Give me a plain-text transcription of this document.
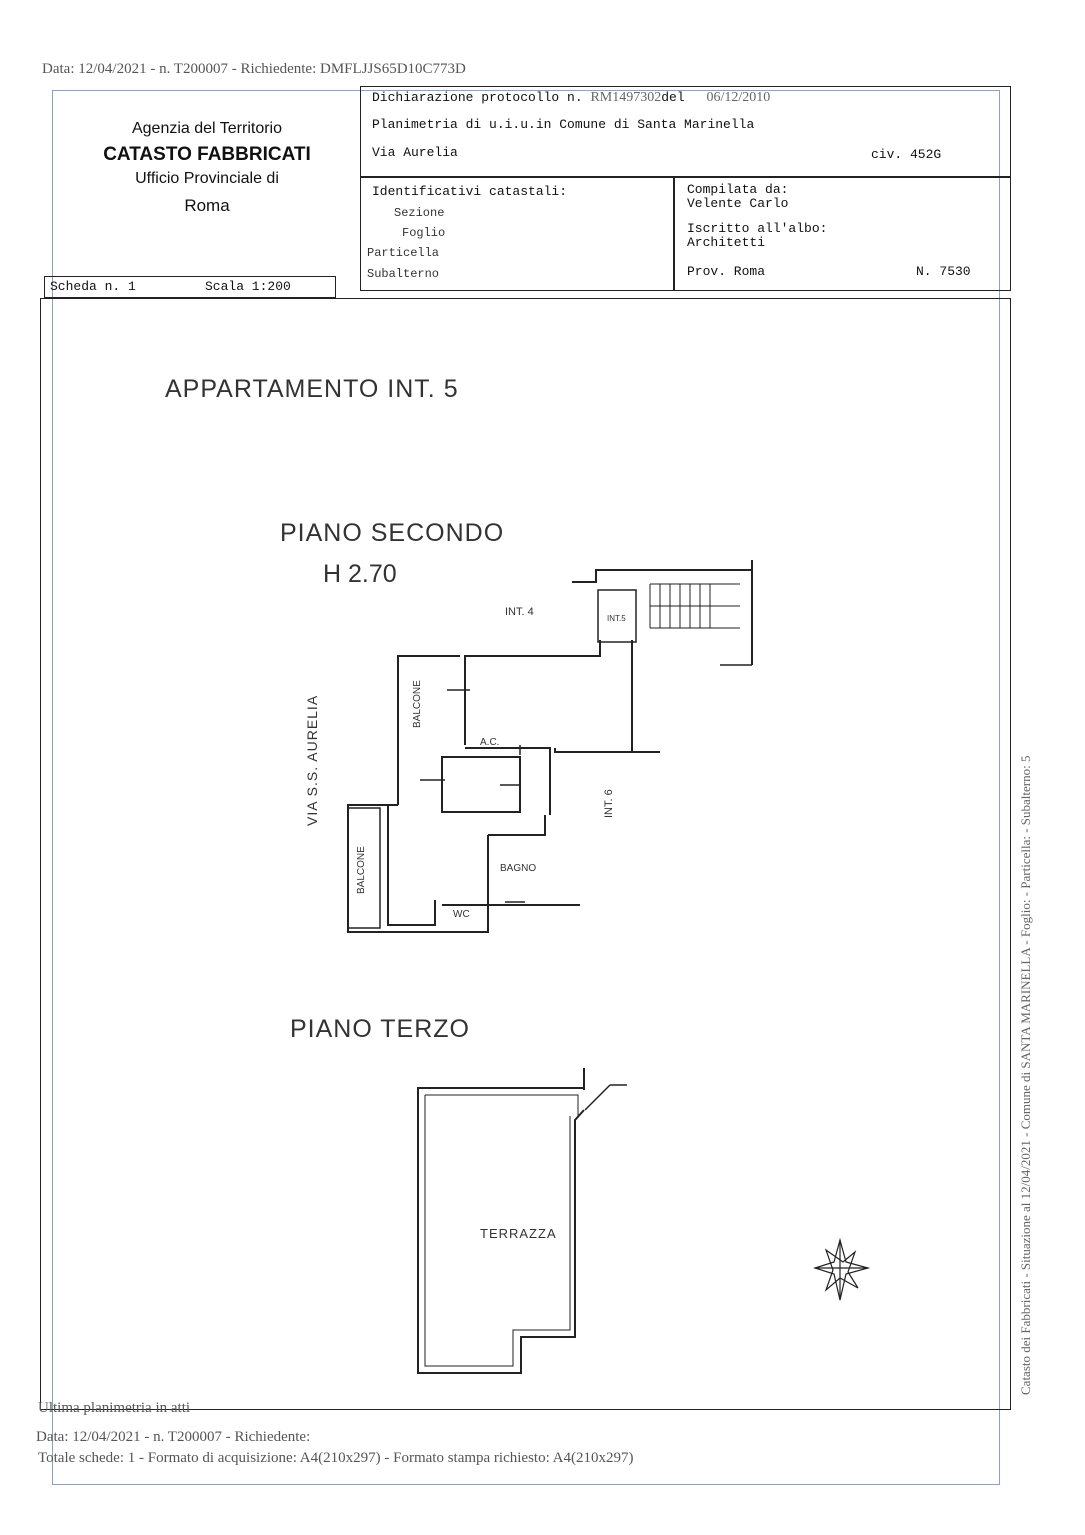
Data: 12/04/2021 - n. T200007 - Richiedente: DMFLJJS65D10C773D
Agenzia del Territorio
CATASTO FABBRICATI
Ufficio Provinciale di
Roma
Dichiarazione protocollo n. RM1497302del 06/12/2010
Planimetria di u.i.u.in Comune di Santa Marinella
Via Aurelia	civ. 452G
Identificativi catastali:
Sezione
Foglio
Particella
Subalterno
Compilata da:
Velente Carlo
Iscritto all'albo:
Architetti
Prov. Roma	N. 7530
Scheda n. 1	Scala 1:200
APPARTAMENTO INT. 5
PIANO SECONDO
H 2.70
INT. 4
INT.5
INT. 6
VIA S.S. AURELIA	BALCONE
BALCONE
A.C.
BAGNO
WC
PIANO TERZO
TERRAZZA	Catasto dei Fabbricati - Situazione al 12/04/2021 - Comune di SANTA MARINELLA - Foglio: - Particella: - Subalterno: 5
Ultima planimetria in atti
Data: 12/04/2021 - n. T200007 - Richiedente:
Totale schede: 1 - Formato di acquisizione: A4(210x297) - Formato stampa richiesto: A4(210x297)
